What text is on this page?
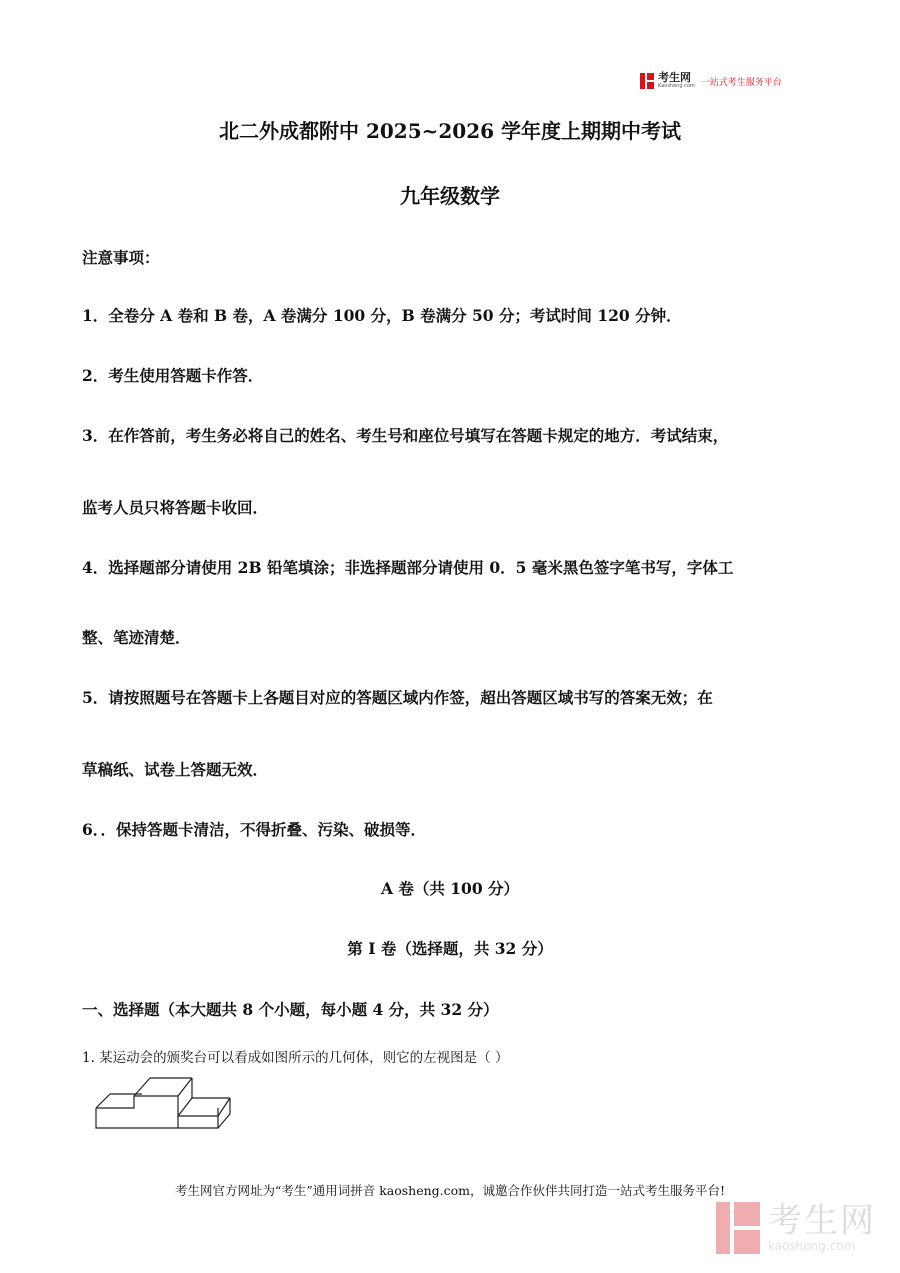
考生网
Kaosheng.com 一站式考生服务平台
北二外成都附中 2025~2026 学年度上期期中考试
九年级数学
注意事项：
1．全卷分 A 卷和 B 卷，A 卷满分 100 分，B 卷满分 50 分；考试时间 120 分钟．
2．考生使用答题卡作答．
3．在作答前，考生务必将自己的姓名、考生号和座位号填写在答题卡规定的地方．考试结束，
监考人员只将答题卡收回．
4．选择题部分请使用 2B 铅笔填涂；非选择题部分请使用 0．5 毫米黑色签字笔书写，字体工
整、笔迹清楚．
5．请按照题号在答题卡上各题目对应的答题区域内作签，超出答题区域书写的答案无效；在
草稿纸、试卷上答题无效．
6．．保持答题卡清洁，不得折叠、污染、破损等．
A 卷（共 100 分）
第 I 卷（选择题，共 32 分）
一、选择题（本大题共 8 个小题，每小题 4 分，共 32 分）
1. 某运动会的颁奖台可以看成如图所示的几何体，则它的左视图是（ ）
考生网官方网址为“考生”通用词拼音 kaosheng.com，诚邀合作伙伴共同打造一站式考生服务平台!
考生网
kaosheng.com
